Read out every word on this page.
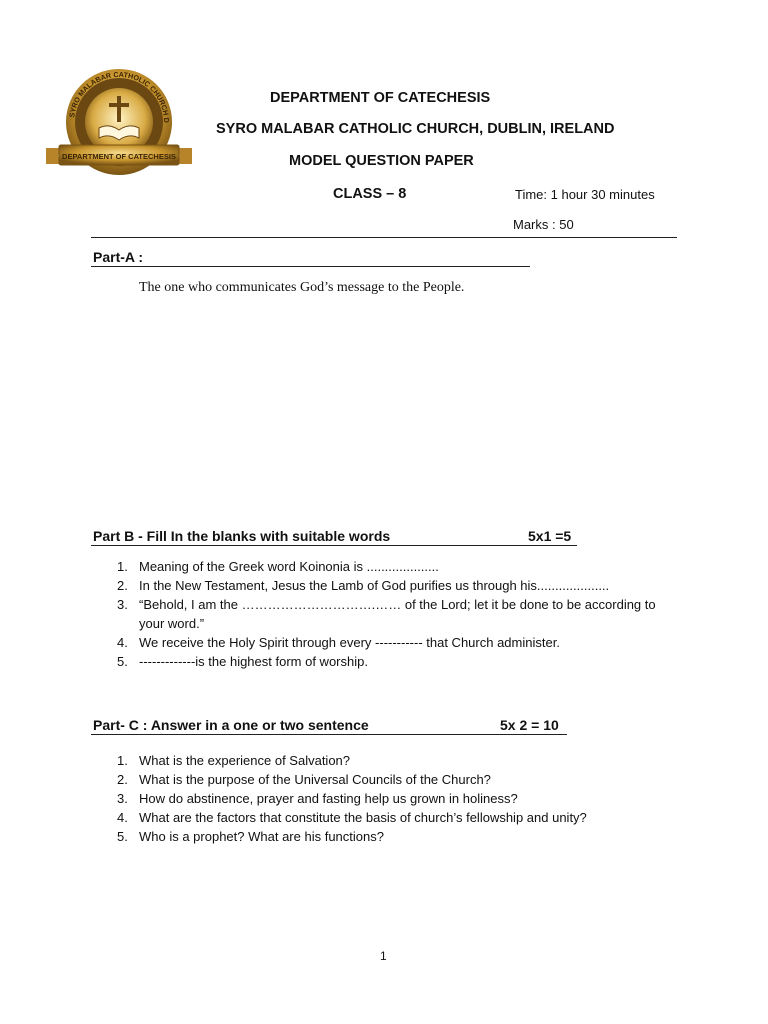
SYRO MALABAR CATHOLIC CHURCH D
DEPARTMENT OF CATECHESIS
DEPARTMENT OF CATECHESIS
SYRO MALABAR CATHOLIC CHURCH, DUBLIN, IRELAND
MODEL QUESTION PAPER
CLASS – 8	Time: 1 hour 30 minutes
Marks : 50
Part-A :
The one who communicates God’s message to the People.
Part B - Fill In the blanks with suitable words	5x1 =5
1. Meaning of the Greek word Koinonia is ....................
2. In the New Testament, Jesus the Lamb of God purifies us through his....................
3. “Behold, I am the ………………………….…… of the Lord; let it be done to be according to your word.”
4. We receive the Holy Spirit through every ----------- that Church administer.
5. -------------is the highest form of worship.
Part- C : Answer in a one or two sentence	5x 2 = 10
1. What is the experience of Salvation?
2. What is the purpose of the Universal Councils of the Church?
3. How do abstinence, prayer and fasting help us grown in holiness?
4. What are the factors that constitute the basis of church’s fellowship and unity?
5. Who is a prophet? What are his functions?
1
